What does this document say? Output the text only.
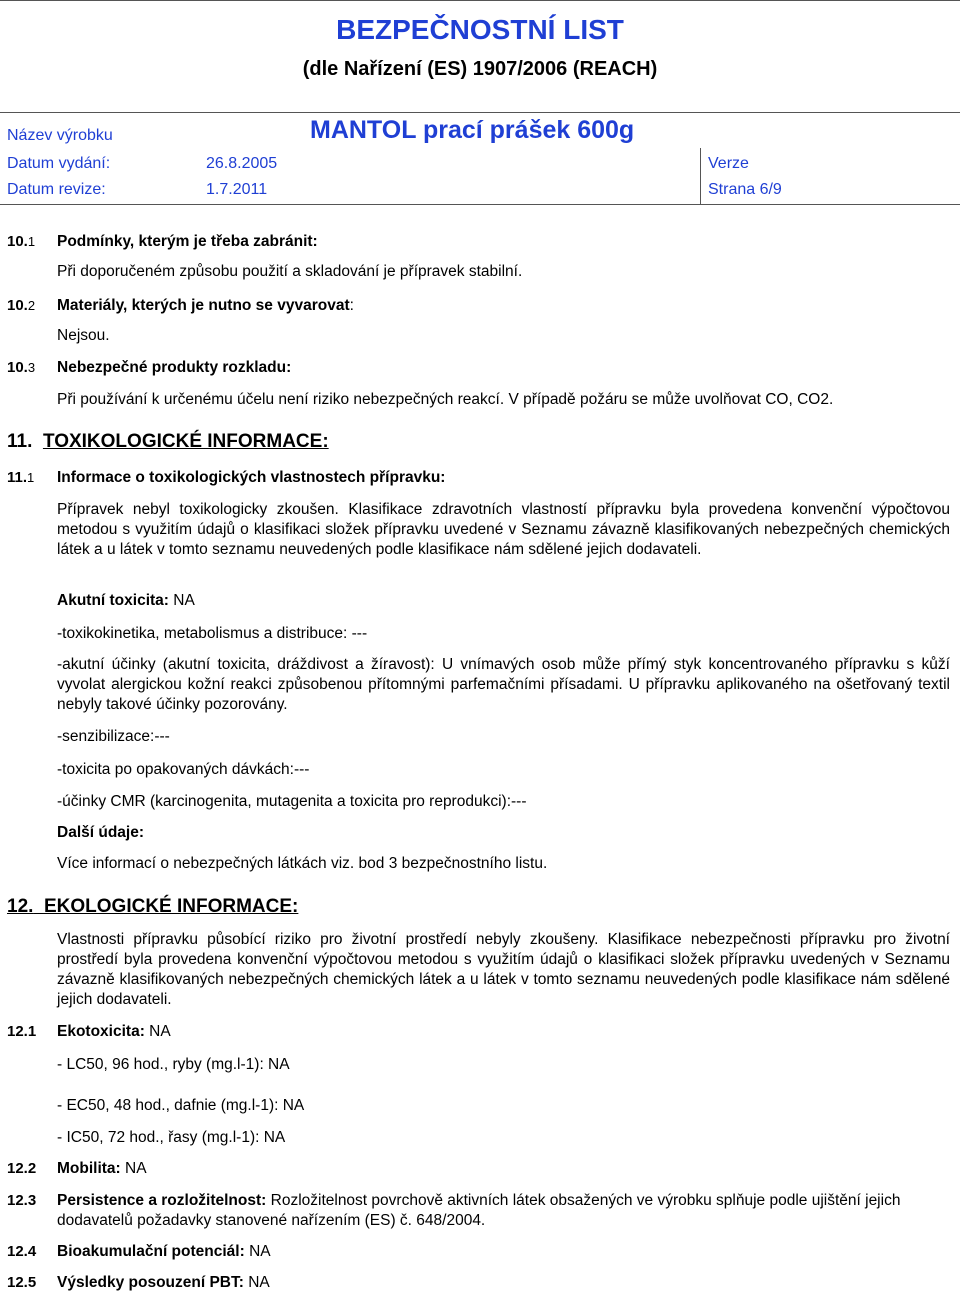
BEZPEČNOSTNÍ LIST
(dle Nařízení (ES) 1907/2006 (REACH)
Název výrobku	MANTOL prací prášek 600g
Datum vydání:	26.8.2005
Datum revize:	1.7.2011
Verze
Strana 6/9
10.1 Podmínky, kterým je třeba zabránit:
Při doporučeném způsobu použití a skladování je přípravek stabilní.
10.2 Materiály, kterých je nutno se vyvarovat:
Nejsou.
10.3 Nebezpečné produkty rozkladu:
Při používání k určenému účelu není riziko nebezpečných reakcí. V případě požáru se může uvolňovat CO, CO2.
11. TOXIKOLOGICKÉ INFORMACE:
11.1 Informace o toxikologických vlastnostech přípravku:
Přípravek nebyl toxikologicky zkoušen. Klasifikace zdravotních vlastností přípravku byla provedena konvenční výpočtovou metodou s využitím údajů o klasifikaci složek přípravku uvedené v Seznamu závazně klasifikovaných nebezpečných chemických látek a u látek v tomto seznamu neuvedených podle klasifikace nám sdělené jejich dodavateli.
Akutní toxicita: NA
-toxikokinetika, metabolismus a distribuce: ---
-akutní účinky (akutní toxicita, dráždivost a žíravost): U vnímavých osob může přímý styk koncentrovaného přípravku s kůží vyvolat alergickou kožní reakci způsobenou přítomnými parfemačními přísadami. U přípravku aplikovaného na ošetřovaný textil nebyly takové účinky pozorovány.
-senzibilizace:---
-toxicita po opakovaných dávkách:---
-účinky CMR (karcinogenita, mutagenita a toxicita pro reprodukci):---
Další údaje:
Více informací o nebezpečných látkách viz. bod 3 bezpečnostního listu.
12. EKOLOGICKÉ INFORMACE:
Vlastnosti přípravku působící riziko pro životní prostředí nebyly zkoušeny. Klasifikace nebezpečnosti přípravku pro životní prostředí byla provedena konvenční výpočtovou metodou s využitím údajů o klasifikaci složek přípravku uvedených v Seznamu závazně klasifikovaných nebezpečných chemických látek a u látek v tomto seznamu neuvedených podle klasifikace nám sdělené jejich dodavateli.
12.1 Ekotoxicita: NA
- LC50, 96 hod., ryby (mg.l-1): NA
- EC50, 48 hod., dafnie (mg.l-1): NA
- IC50, 72 hod., řasy (mg.l-1): NA
12.2 Mobilita: NA
12.3 Persistence a rozložitelnost: Rozložitelnost povrchově aktivních látek obsažených ve výrobku splňuje podle ujištění jejich dodavatelů požadavky stanovené nařízením (ES) č. 648/2004.
12.4 Bioakumulační potenciál: NA
12.5 Výsledky posouzení PBT: NA
